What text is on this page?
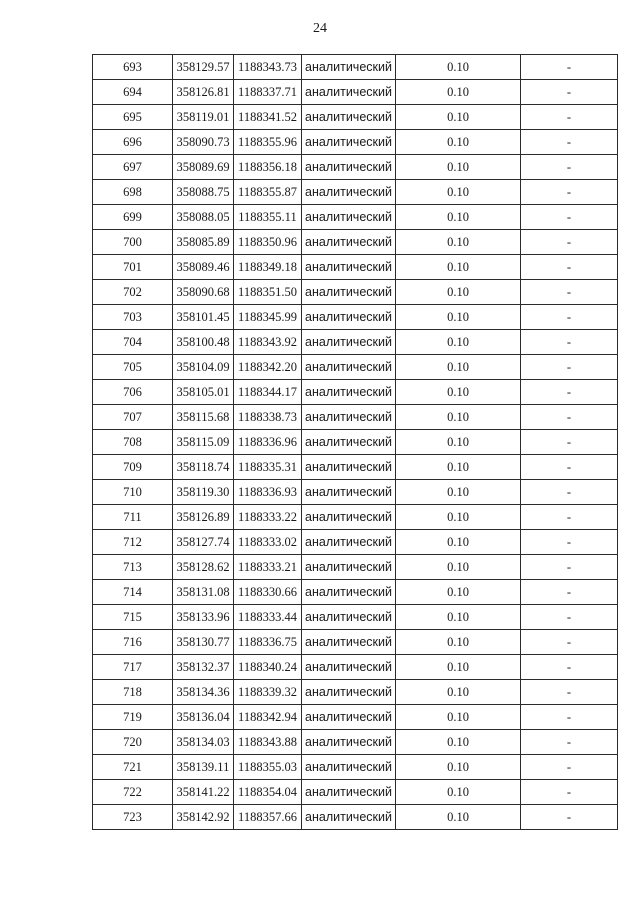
24
693	358129.57	1188343.73	аналитический	0.10	-
694	358126.81	1188337.71	аналитический	0.10	-
695	358119.01	1188341.52	аналитический	0.10	-
696	358090.73	1188355.96	аналитический	0.10	-
697	358089.69	1188356.18	аналитический	0.10	-
698	358088.75	1188355.87	аналитический	0.10	-
699	358088.05	1188355.11	аналитический	0.10	-
700	358085.89	1188350.96	аналитический	0.10	-
701	358089.46	1188349.18	аналитический	0.10	-
702	358090.68	1188351.50	аналитический	0.10	-
703	358101.45	1188345.99	аналитический	0.10	-
704	358100.48	1188343.92	аналитический	0.10	-
705	358104.09	1188342.20	аналитический	0.10	-
706	358105.01	1188344.17	аналитический	0.10	-
707	358115.68	1188338.73	аналитический	0.10	-
708	358115.09	1188336.96	аналитический	0.10	-
709	358118.74	1188335.31	аналитический	0.10	-
710	358119.30	1188336.93	аналитический	0.10	-
711	358126.89	1188333.22	аналитический	0.10	-
712	358127.74	1188333.02	аналитический	0.10	-
713	358128.62	1188333.21	аналитический	0.10	-
714	358131.08	1188330.66	аналитический	0.10	-
715	358133.96	1188333.44	аналитический	0.10	-
716	358130.77	1188336.75	аналитический	0.10	-
717	358132.37	1188340.24	аналитический	0.10	-
718	358134.36	1188339.32	аналитический	0.10	-
719	358136.04	1188342.94	аналитический	0.10	-
720	358134.03	1188343.88	аналитический	0.10	-
721	358139.11	1188355.03	аналитический	0.10	-
722	358141.22	1188354.04	аналитический	0.10	-
723	358142.92	1188357.66	аналитический	0.10	-
